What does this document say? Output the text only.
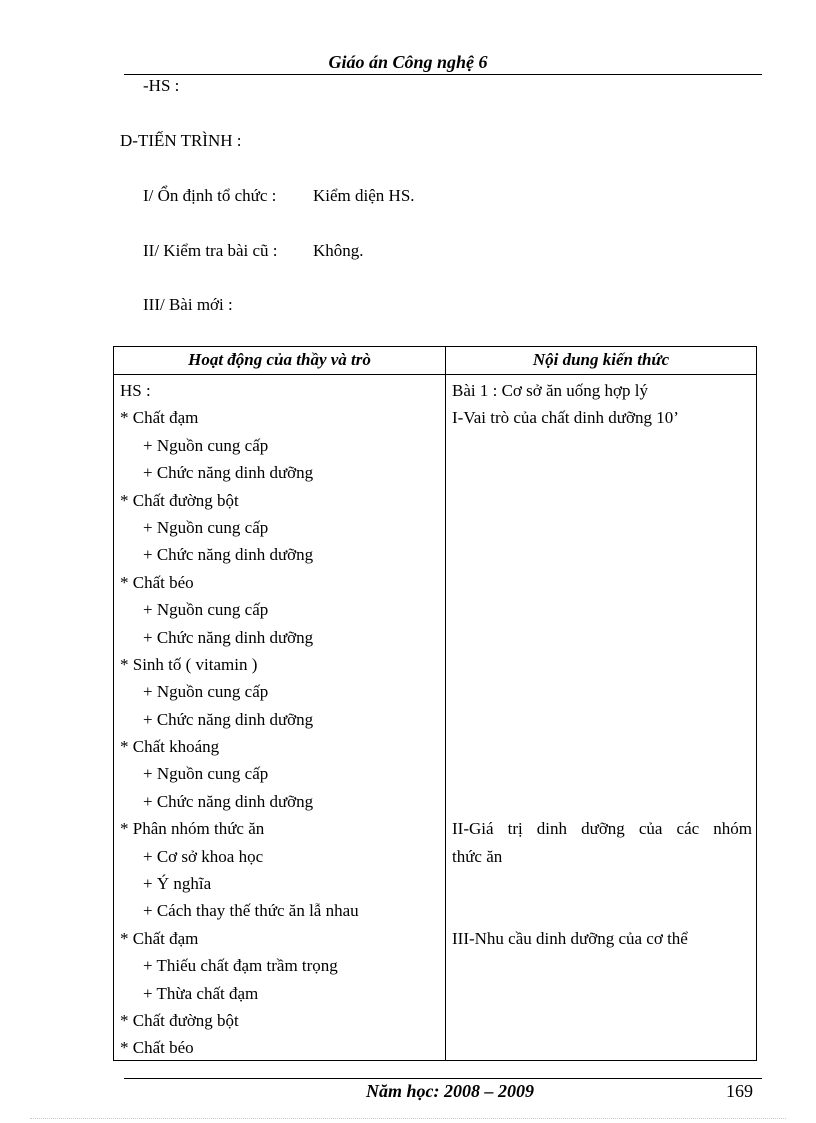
Giáo án Công nghệ 6
-HS :
D-TIẾN TRÌNH :
I/ Ổn định tổ chức : Kiểm diện HS.
II/ Kiểm tra bài cũ : Không.
III/ Bài mới :
Hoạt động của thầy và trò	Nội dung kiến thức
HS :
* Chất đạm
+ Nguồn cung cấp
+ Chức năng dinh dưỡng
* Chất đường bột
+ Nguồn cung cấp
+ Chức năng dinh dưỡng
* Chất béo
+ Nguồn cung cấp
+ Chức năng dinh dưỡng
* Sinh tố ( vitamin )
+ Nguồn cung cấp
+ Chức năng dinh dưỡng
* Chất khoáng
+ Nguồn cung cấp
+ Chức năng dinh dưỡng
* Phân nhóm thức ăn
+ Cơ sở khoa học
+ Ý nghĩa
+ Cách thay thế thức ăn lẫ nhau
* Chất đạm
+ Thiếu chất đạm trầm trọng
+ Thừa chất đạm
* Chất đường bột
* Chất béo
Bài 1 : Cơ sở ăn uống hợp lý
I-Vai trò của chất dinh dưỡng 10’
II-Giá trị dinh dưỡng của các nhóm
thức ăn
III-Nhu cầu dinh dưỡng của cơ thể
Năm học: 2008 – 2009	169
